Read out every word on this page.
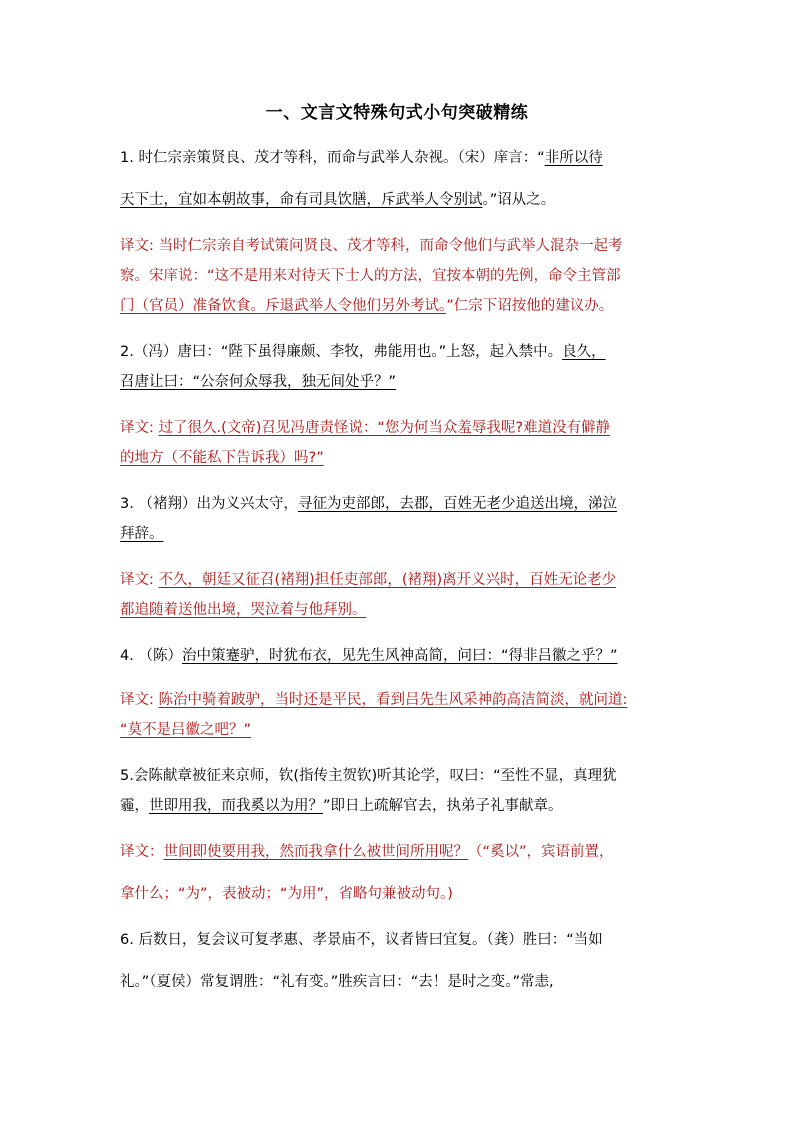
一、文言文特殊句式小句突破精练
1. 时仁宗亲策贤良、茂才等科，而命与武举人杂视。（宋）庠言：“非所以待
天下士，宜如本朝故事，命有司具饮膳，斥武举人令别试。”诏从之。
译文: 当时仁宗亲自考试策问贤良、茂才等科，而命令他们与武举人混杂一起考
察。宋庠说：“这不是用来对待天下士人的方法，宜按本朝的先例，命令主管部
门（官员）准备饮食。斥退武举人令他们另外考试。”仁宗下诏按他的建议办。
2.（冯）唐曰：“陛下虽得廉颇、李牧，弗能用也。”上怒，起入禁中。良久，
召唐让曰：“公奈何众辱我，独无间处乎？”
译文: 过了很久.(文帝)召见冯唐责怪说：“您为何当众羞辱我呢?难道没有僻静
的地方（不能私下告诉我）吗?”
3. （褚翔）出为义兴太守，寻征为吏部郎，去郡，百姓无老少追送出境，涕泣
拜辞。
译文: 不久，朝廷又征召(褚翔)担任吏部郎，(褚翔)离开义兴时，百姓无论老少
都追随着送他出境，哭泣着与他拜别。
4. （陈）治中策蹇驴，时犹布衣，见先生风神高简，问曰：“得非吕徽之乎？”
译文: 陈治中骑着跛驴，当时还是平民，看到吕先生风采神韵高洁简淡，就问道:
“莫不是吕徽之吧？”
5.会陈献章被征来京师，钦(指传主贺钦)听其论学，叹曰：“至性不显，真理犹
霾，世即用我，而我奚以为用？”即日上疏解官去，执弟子礼事献章。
译文：世间即使要用我，然而我拿什么被世间所用呢？（“奚以”，宾语前置，
拿什么；“为”，表被动；“为用”，省略句兼被动句。)
6. 后数日，复会议可复孝惠、孝景庙不，议者皆曰宜复。（龚）胜曰：“当如
礼。”（夏侯）常复谓胜：“礼有变。”胜疾言曰：“去！是时之变。”常恚,
